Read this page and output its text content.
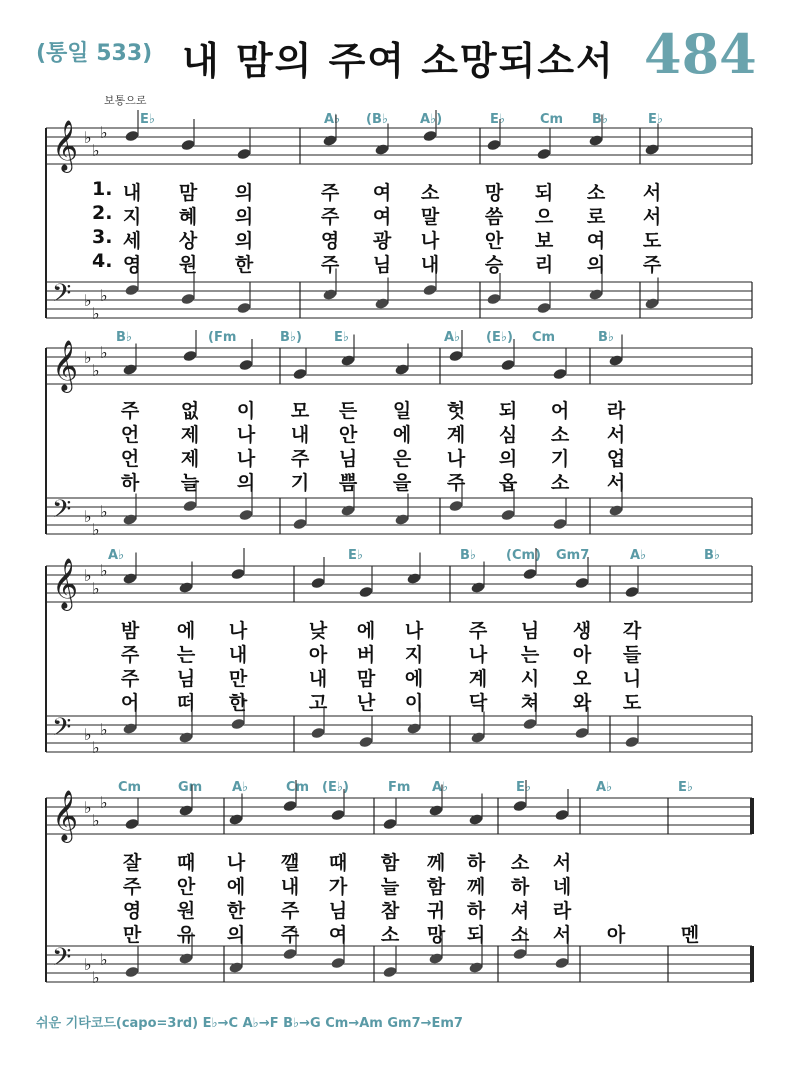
(통일 533) 내 맘의 주여 소망되소서 484
보통으로
E♭	A♭ (B♭ A♭)	E♭	Cm B♭	E♭
𝄞 ♭
♭
♭
𝄢 ♭
♭
♭
1. 내 맘 의	주 여 소 망 되 소 서
2. 지 혜 의	주 여 말 씀 으 로 서
3. 세 상 의	영 광 나 안 보 여 도
4. 영 원 한	주 님 내 승 리 의 주
B♭	(Fm	B♭) E♭	A♭ (E♭) Cm	B♭
𝄞 ♭
♭
♭
𝄢 ♭
♭
♭
주 없 이 모 든 일 헛 되 어 라
언 제 나 내 안 에 계 심 소 서
언 제 나 주 님 은 나 의 기 업
하 늘 의 기 쁨 을 주 옵 소 서
A♭	E♭	B♭ (Cm) Gm7	A♭	B♭
𝄞 ♭
♭
♭
𝄢 ♭
♭
♭
밤 에 나	낮 에 나 주 님 생 각
주 는 내	아 버 지 나 는 아 들
주 님 만	내 맘 에 계 시 오 니
어 떠 한	고 난 이 닥 쳐 와 도
Cm	Gm A♭	Cm (E♭)	Fm A♭	E♭	A♭	E♭
𝄞 ♭
♭
♭
𝄢 ♭
♭
♭
잘 때 나 깰 때 함 께 하 소 서
주 안 에 내 가 늘 함 께 하 네
영 원 한 주 님 참 귀 하 셔 라
만 유 의 주 여 소 망 되 소 서 아	멘
쉬운 기타코드(capo=3rd) E♭→C A♭→F B♭→G Cm→Am Gm7→Em7
